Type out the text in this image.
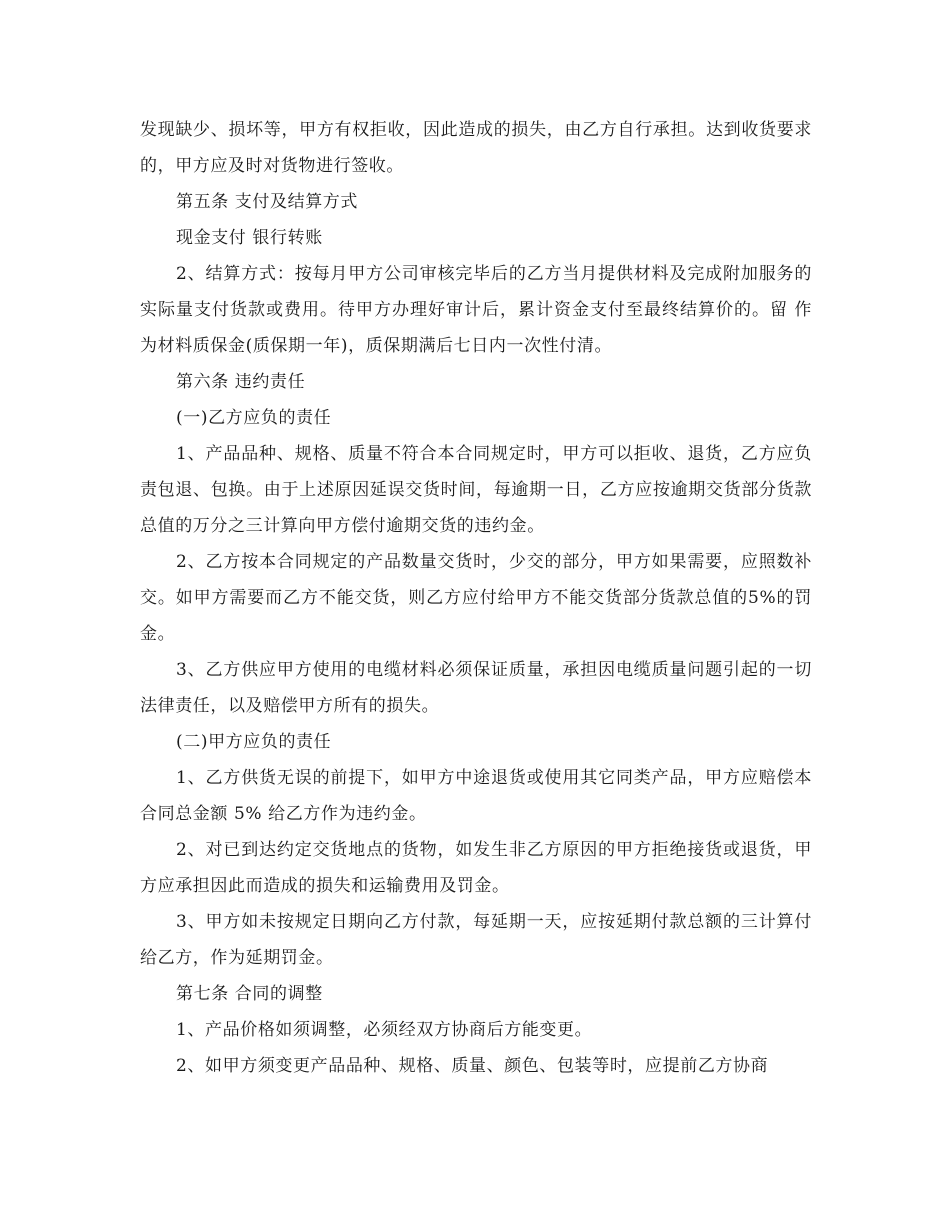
发现缺少、损坏等，甲方有权拒收，因此造成的损失，由乙方自行承担。达到收货要求的，甲方应及时对货物进行签收。

第五条 支付及结算方式

现金支付 银行转账

2、结算方式：按每月甲方公司审核完毕后的乙方当月提供材料及完成附加服务的实际量支付货款或费用。待甲方办理好审计后，累计资金支付至最终结算价的。留 作为材料质保金(质保期一年)，质保期满后七日内一次性付清。

第六条 违约责任

(一)乙方应负的责任

1、产品品种、规格、质量不符合本合同规定时，甲方可以拒收、退货，乙方应负责包退、包换。由于上述原因延误交货时间，每逾期一日，乙方应按逾期交货部分货款总值的万分之三计算向甲方偿付逾期交货的违约金。

2、乙方按本合同规定的产品数量交货时，少交的部分，甲方如果需要，应照数补交。如甲方需要而乙方不能交货，则乙方应付给甲方不能交货部分货款总值的5%的罚金。

3、乙方供应甲方使用的电缆材料必须保证质量，承担因电缆质量问题引起的一切法律责任，以及赔偿甲方所有的损失。

(二)甲方应负的责任

1、乙方供货无误的前提下，如甲方中途退货或使用其它同类产品，甲方应赔偿本合同总金额 5% 给乙方作为违约金。

2、对已到达约定交货地点的货物，如发生非乙方原因的甲方拒绝接货或退货，甲方应承担因此而造成的损失和运输费用及罚金。

3、甲方如未按规定日期向乙方付款，每延期一天，应按延期付款总额的三计算付给乙方，作为延期罚金。

第七条 合同的调整

1、产品价格如须调整，必须经双方协商后方能变更。

2、如甲方须变更产品品种、规格、质量、颜色、包装等时，应提前乙方协商
